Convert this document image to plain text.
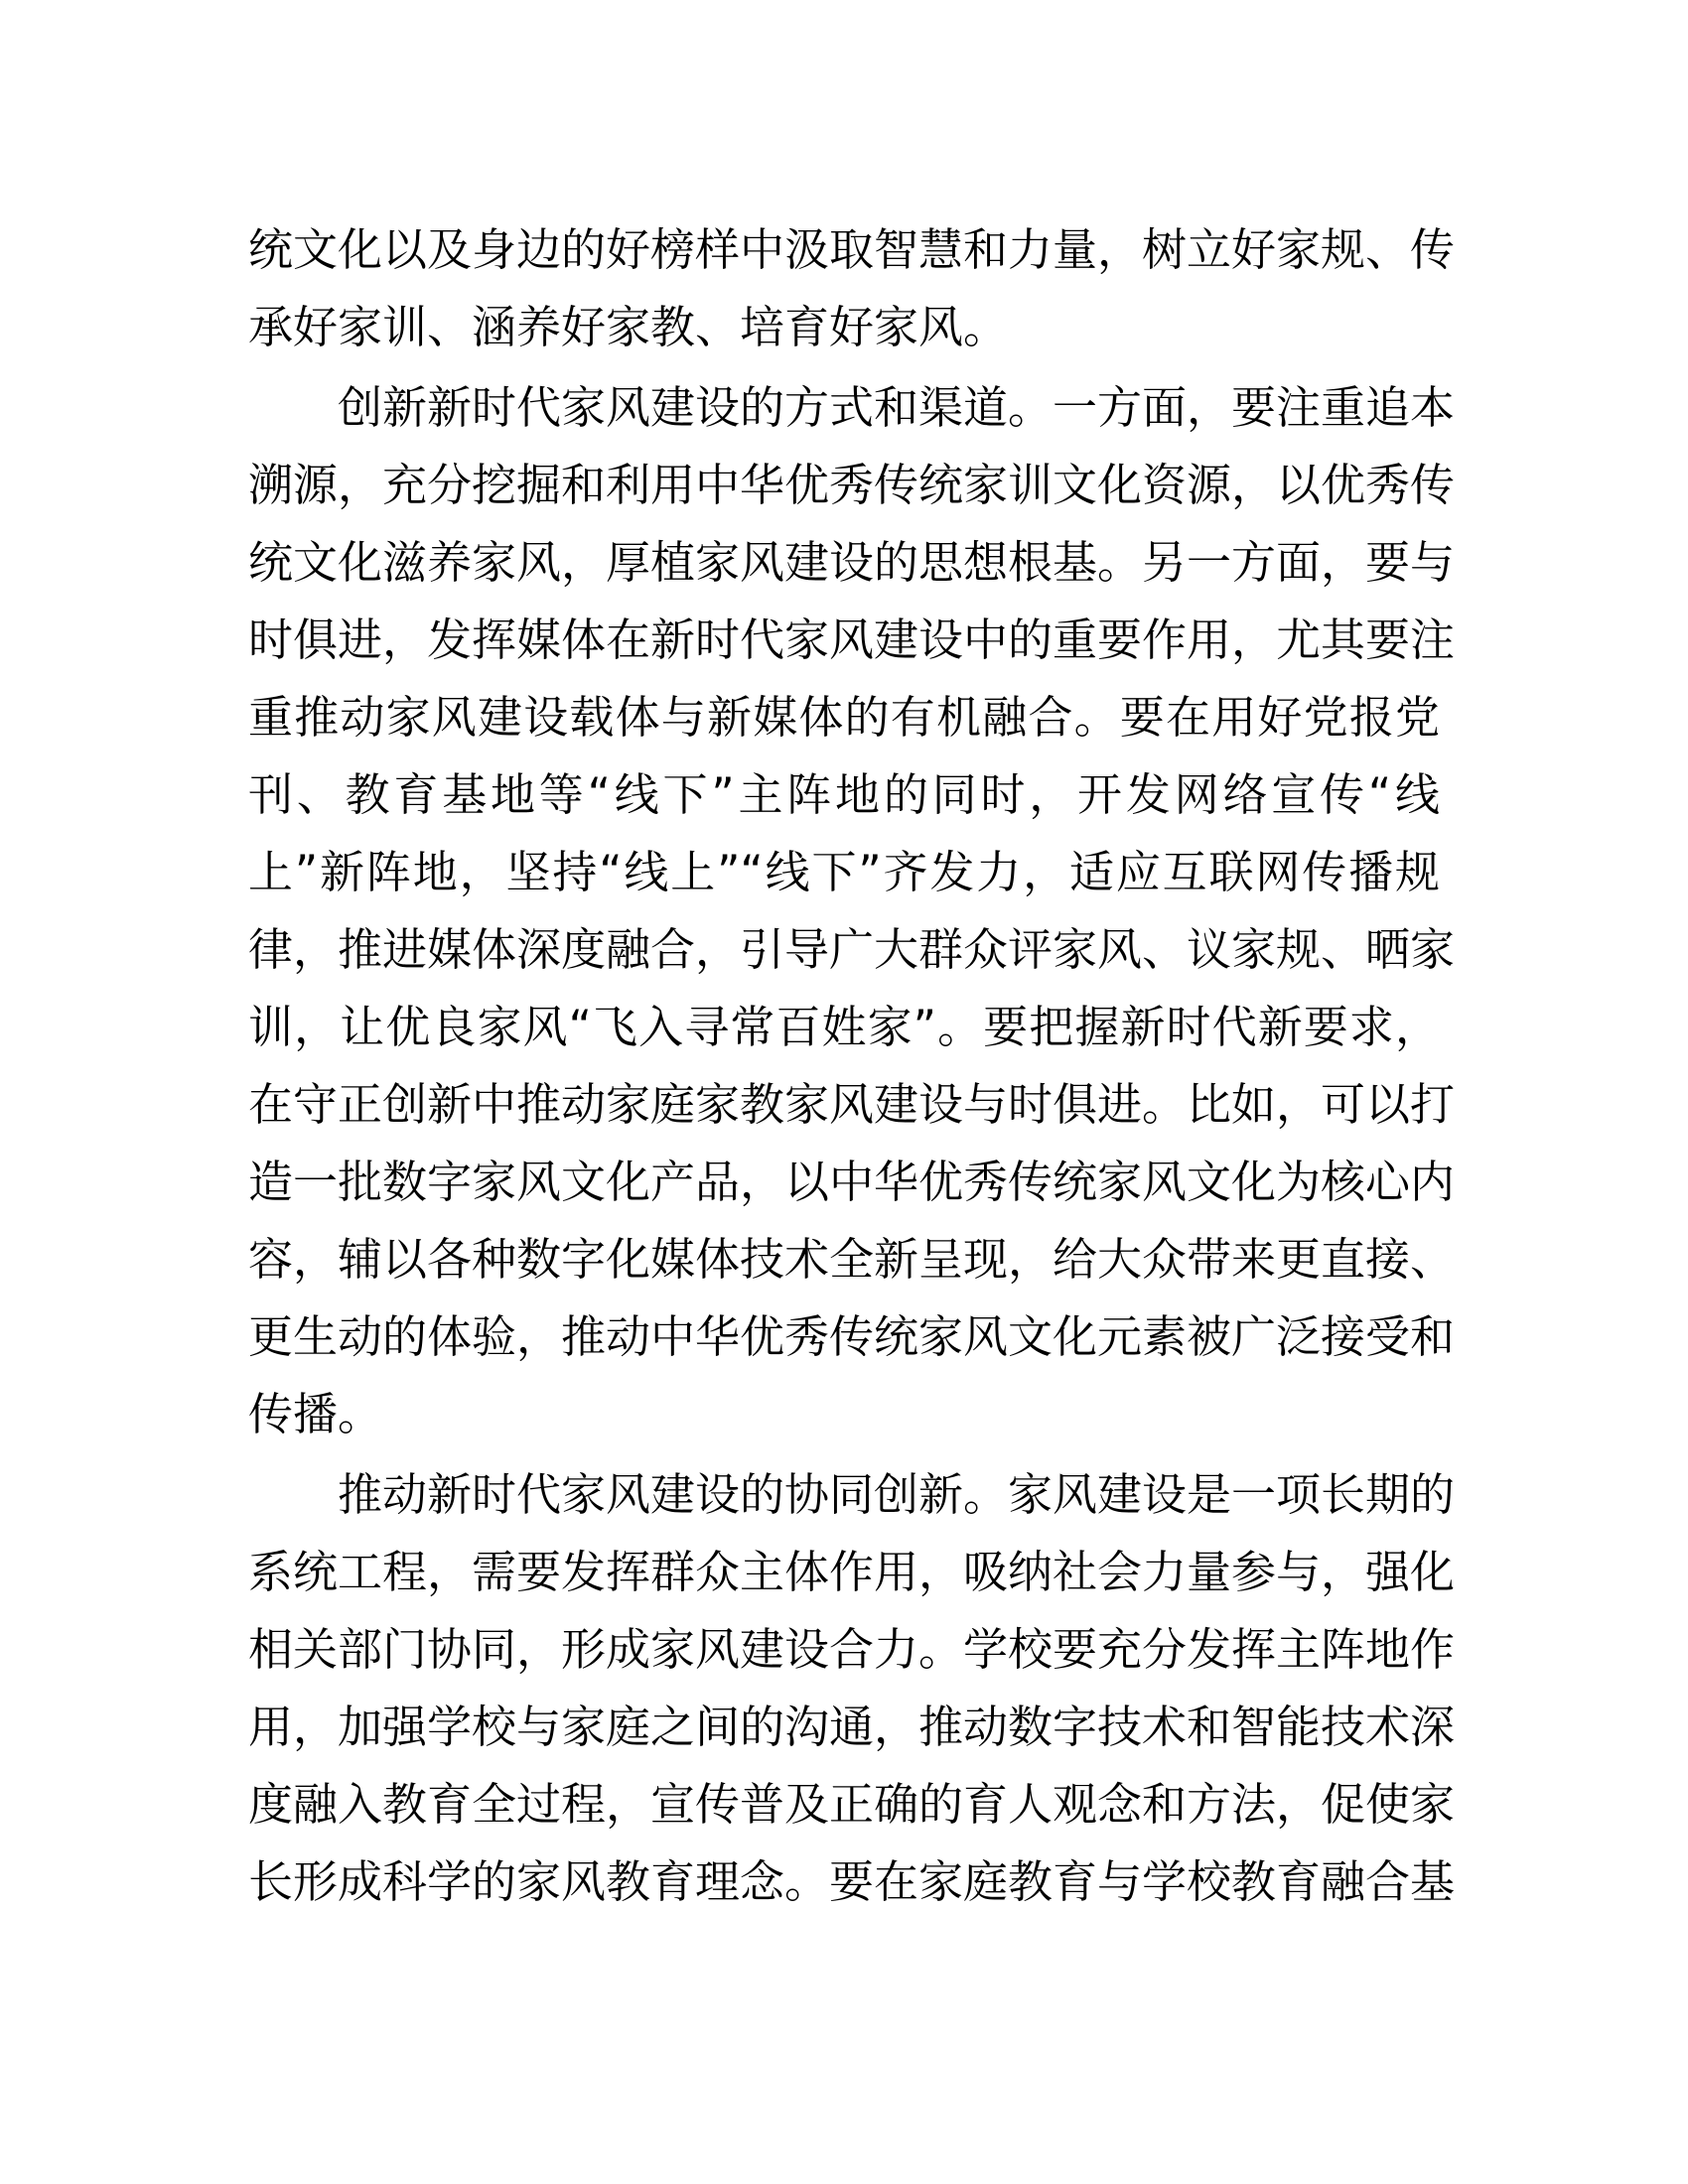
统文化以及身边的好榜样中汲取智慧和力量，树立好家规、传
承好家训、涵养好家教、培育好家风。

创新新时代家风建设的方式和渠道。一方面，要注重追本
溯源，充分挖掘和利用中华优秀传统家训文化资源，以优秀传
统文化滋养家风，厚植家风建设的思想根基。另一方面，要与
时俱进，发挥媒体在新时代家风建设中的重要作用，尤其要注
重推动家风建设载体与新媒体的有机融合。要在用好党报党
刊、教育基地等“线下”主阵地的同时，开发网络宣传“线
上”新阵地，坚持“线上”“线下”齐发力，适应互联网传播规
律，推进媒体深度融合，引导广大群众评家风、议家规、晒家
训，让优良家风“飞入寻常百姓家”。要把握新时代新要求，
在守正创新中推动家庭家教家风建设与时俱进。比如，可以打
造一批数字家风文化产品，以中华优秀传统家风文化为核心内
容，辅以各种数字化媒体技术全新呈现，给大众带来更直接、
更生动的体验，推动中华优秀传统家风文化元素被广泛接受和
传播。

推动新时代家风建设的协同创新。家风建设是一项长期的
系统工程，需要发挥群众主体作用，吸纳社会力量参与，强化
相关部门协同，形成家风建设合力。学校要充分发挥主阵地作
用，加强学校与家庭之间的沟通，推动数字技术和智能技术深
度融入教育全过程，宣传普及正确的育人观念和方法，促使家
长形成科学的家风教育理念。要在家庭教育与学校教育融合基
